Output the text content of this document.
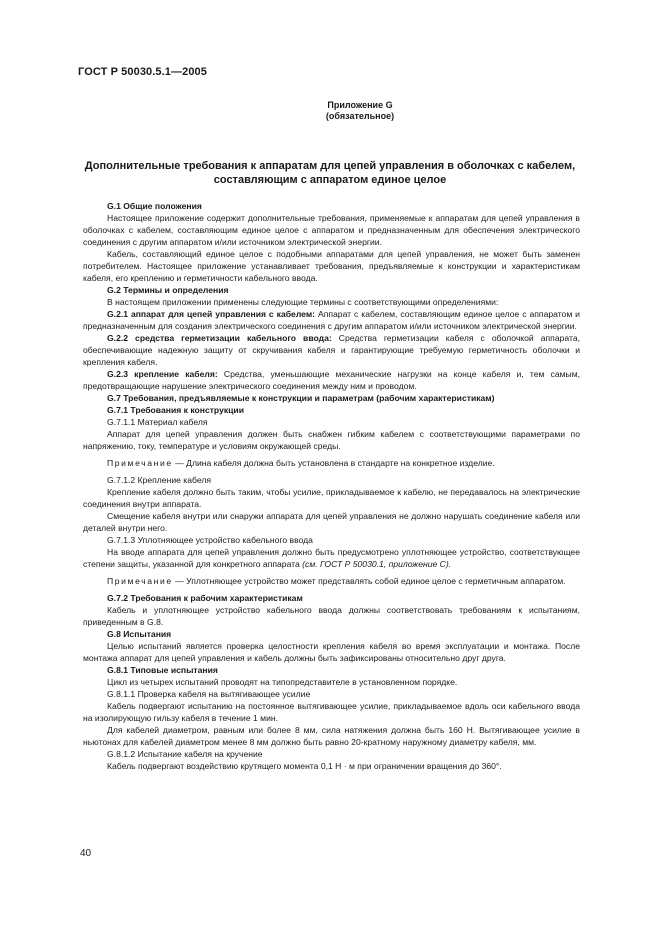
ГОСТ Р 50030.5.1—2005
Приложение G
(обязательное)
Дополнительные требования к аппаратам для цепей управления в оболочках с кабелем,
составляющим с аппаратом единое целое

G.1 Общие положения

Настоящее приложение содержит дополнительные требования, применяемые к аппаратам для цепей управления в оболочках с кабелем, составляющим единое целое с аппаратом и предназначенным для обеспечения электрического соединения с другим аппаратом и/или источником электрической энергии.

Кабель, составляющий единое целое с подобными аппаратами для цепей управления, не может быть заменен потребителем. Настоящее приложение устанавливает требования, предъявляемые к конструкции и характеристикам кабеля, его креплению и герметичности кабельного ввода.

G.2 Термины и определения

В настоящем приложении применены следующие термины с соответствующими определениями:

G.2.1 аппарат для цепей управления с кабелем: Аппарат с кабелем, составляющим единое целое с аппаратом и предназначенным для создания электрического соединения с другим аппаратом и/или источником электрической энергии.

G.2.2 средства герметизации кабельного ввода: Средства герметизации кабеля с оболочкой аппарата, обеспечивающие надежную защиту от скручивания кабеля и гарантирующие требуемую герметичность оболочки и крепления кабеля.

G.2.3 крепление кабеля: Средства, уменьшающие механические нагрузки на конце кабеля и, тем самым, предотвращающие нарушение электрического соединения между ним и проводом.

G.7 Требования, предъявляемые к конструкции и параметрам (рабочим характеристикам)

G.7.1 Требования к конструкции

G.7.1.1 Материал кабеля

Аппарат для цепей управления должен быть снабжен гибким кабелем с соответствующими параметрами по напряжению, току, температуре и условиям окружающей среды.

Примечание — Длина кабеля должна быть установлена в стандарте на конкретное изделие.

G.7.1.2 Крепление кабеля

Крепление кабеля должно быть таким, чтобы усилие, прикладываемое к кабелю, не передавалось на электрические соединения внутри аппарата.

Смещение кабеля внутри или снаружи аппарата для цепей управления не должно нарушать соединение кабеля или деталей внутри него.

G.7.1.3 Уплотняющее устройство кабельного ввода

На вводе аппарата для цепей управления должно быть предусмотрено уплотняющее устройство, соответствующее степени защиты, указанной для конкретного аппарата (см. ГОСТ Р 50030.1, приложение С).

Примечание — Уплотняющее устройство может представлять собой единое целое с герметичным аппаратом.

G.7.2 Требования к рабочим характеристикам

Кабель и уплотняющее устройство кабельного ввода должны соответствовать требованиям к испытаниям, приведенным в G.8.

G.8 Испытания

Целью испытаний является проверка целостности крепления кабеля во время эксплуатации и монтажа. После монтажа аппарат для цепей управления и кабель должны быть зафиксированы относительно друг друга.

G.8.1 Типовые испытания

Цикл из четырех испытаний проводят на типопредставителе в установленном порядке.

G.8.1.1 Проверка кабеля на вытягивающее усилие

Кабель подвергают испытанию на постоянное вытягивающее усилие, прикладываемое вдоль оси кабельного ввода на изолирующую гильзу кабеля в течение 1 мин.

Для кабелей диаметром, равным или более 8 мм, сила натяжения должна быть 160 Н. Вытягивающее усилие в ньютонах для кабелей диаметром менее 8 мм должно быть равно 20-кратному наружному диаметру кабеля, мм.

G.8.1.2 Испытание кабеля на кручение

Кабель подвергают воздействию крутящего момента 0,1 Н · м при ограничении вращения до 360°.

40
